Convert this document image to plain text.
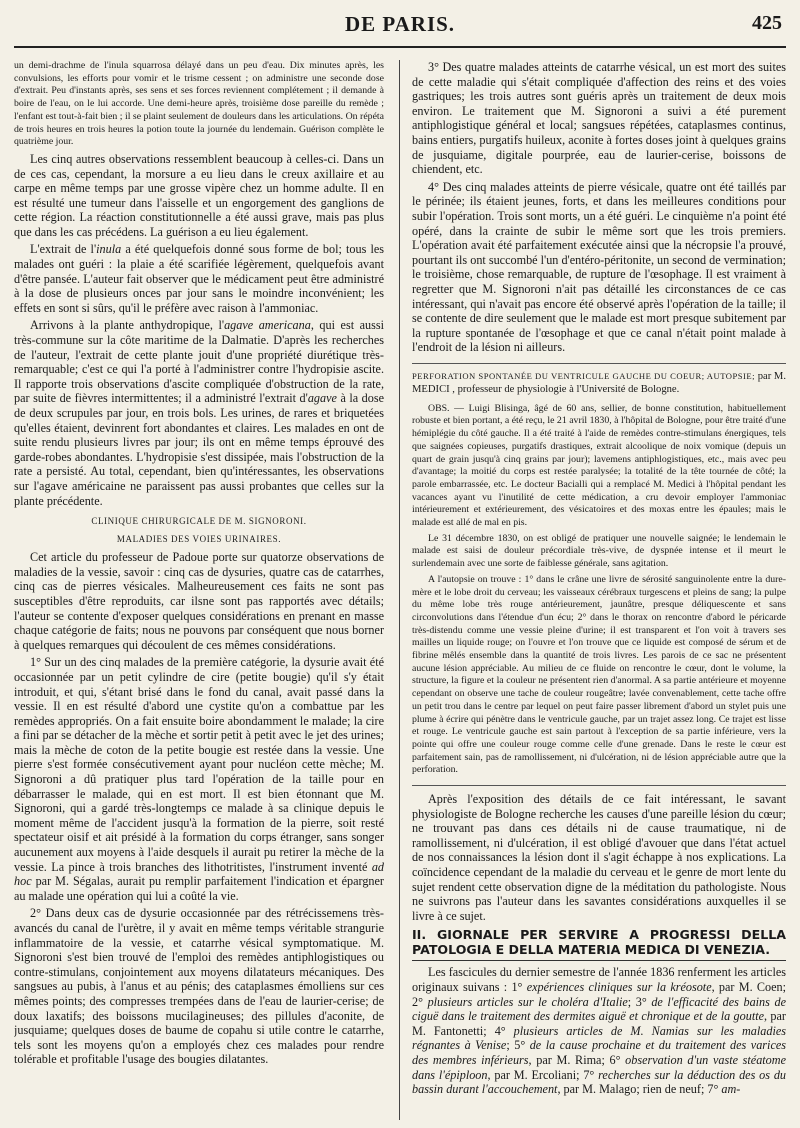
DE PARIS.	425

un demi-drachme de l'inula squarrosa délayé dans un peu d'eau. Dix minutes après, les convulsions, les efforts pour vomir et le trisme cessent ; on administre une seconde dose d'extrait. Peu d'instants après, ses sens et ses forces reviennent complétement ; il demande à boire de l'eau, on le lui accorde. Une demi-heure après, troisième dose pareille du remède ; l'enfant est tout-à-fait bien ; il se plaint seulement de douleurs dans les articulations. On répéta de trois heures en trois heures la potion toute la journée du lendemain. Guérison complète le quatrième jour.

Les cinq autres observations ressemblent beaucoup à celles-ci. Dans un de ces cas, cependant, la morsure a eu lieu dans le creux axillaire et au carpe en même temps par une grosse vipère chez un homme adulte. Il en est résulté une tumeur dans l'aisselle et un engorgement des ganglions de cette région. La réaction constitutionnelle a été aussi grave, mais pas plus que dans les cas précédens. La guérison a eu lieu également.

L'extrait de l'inula a été quelquefois donné sous forme de bol; tous les malades ont guéri : la plaie a été scarifiée légèrement, quelquefois avant d'être pansée. L'auteur fait observer que le médicament peut être administré à la dose de plusieurs onces par jour sans le moindre inconvénient; les effets en sont si sûrs, qu'il le préfère avec raison à l'ammoniac.

Arrivons à la plante anthydropique, l'agave americana, qui est aussi très-commune sur la côte maritime de la Dalmatie. D'après les recherches de l'auteur, l'extrait de cette plante jouit d'une propriété diurétique très-remarquable; c'est ce qui l'a porté à l'administrer contre l'hydropisie ascite. Il rapporte trois observations d'ascite compliquée d'obstruction de la rate, par suite de fièvres intermittentes; il a administré l'extrait d'agave à la dose de deux scrupules par jour, en trois bols. Les urines, de rares et briquetées qu'elles étaient, devinrent fort abondantes et claires. Les malades en ont de suite rendu plusieurs livres par jour; ils ont en même temps éprouvé des garde-robes abondantes. L'hydropisie s'est dissipée, mais l'obstruction de la rate a persisté. Au total, cependant, bien qu'intéressantes, les observations sur l'agave américaine ne paraissent pas aussi probantes que celles sur la plante précédente.

CLINIQUE CHIRURGICALE DE M. SIGNORONI.

MALADIES DES VOIES URINAIRES.

Cet article du professeur de Padoue porte sur quatorze observations de maladies de la vessie, savoir : cinq cas de dysuries, quatre cas de catarrhes, cinq cas de pierres vésicales. Malheureusement ces faits ne sont pas susceptibles d'être reproduits, car ilsne sont pas rapportés avec détails; l'auteur se contente d'exposer quelques considérations en prenant en masse chaque catégorie de faits; nous ne pouvons par conséquent que nous borner à quelques remarques qui découlent de ces mêmes considérations.

1° Sur un des cinq malades de la première catégorie, la dysurie avait été occasionnée par un petit cylindre de cire (petite bougie) qu'il s'y était introduit, et qui, s'étant brisé dans le fond du canal, avait passé dans la vessie. Il en est résulté d'abord une cystite qu'on a combattue par les remèdes appropriés. On a fait ensuite boire abondamment le malade; la cire a fini par se détacher de la mèche et sortir petit à petit avec le jet des urines; mais la mèche de coton de la petite bougie est restée dans la vessie. Une pierre s'est formée consécutivement ayant pour nucléon cette mèche; M. Signoroni a dû pratiquer plus tard l'opération de la taille pour en débarrasser le malade, qui en est mort. Il est bien étonnant que M. Signoroni, qui a gardé très-longtemps ce malade à sa clinique depuis le moment même de l'accident jusqu'à la formation de la pierre, soit resté spectateur oisif et ait présidé à la formation du corps étranger, sans songer aucunement aux moyens à l'aide desquels il aurait pu retirer la mèche de la vessie. La pince à trois branches des lithotritistes, l'instrument inventé ad hoc par M. Ségalas, aurait pu remplir parfaitement l'indication et épargner au malade une opération qui lui a coûté la vie.

2° Dans deux cas de dysurie occasionnée par des rétrécissemens très-avancés du canal de l'urètre, il y avait en même temps véritable strangurie inflammatoire de la vessie, et catarrhe vésical symptomatique. M. Signoroni s'est bien trouvé de l'emploi des remèdes antiphlogistiques ou contre-stimulans, conjointement aux moyens dilatateurs mécaniques. Des sangsues au pubis, à l'anus et au pénis; des cataplasmes émolliens sur ces mêmes points; des compresses trempées dans de l'eau de laurier-cerise; de doux laxatifs; des boissons mucilagineuses; des pillules d'aconite, de jusquiame; quelques doses de baume de copahu si utile contre le catarrhe, tels sont les moyens qu'on a employés chez ces malades pour rendre tolérable et profitable l'usage des bougies dilatantes.

3° Des quatre malades atteints de catarrhe vésical, un est mort des suites de cette maladie qui s'était compliquée d'affection des reins et des voies gastriques; les trois autres sont guéris après un traitement de deux mois environ. Le traitement que M. Signoroni a suivi a été purement antiphlogistique général et local; sangsues répétées, cataplasmes continus, bains entiers, purgatifs huileux, aconite à fortes doses joint à quelques grains de jusquiame, digitale pourprée, eau de laurier-cerise, boissons de chiendent, etc.

4° Des cinq malades atteints de pierre vésicale, quatre ont été taillés par le périnée; ils étaient jeunes, forts, et dans les meilleures conditions pour subir l'opération. Trois sont morts, un a été guéri. Le cinquième n'a point été opéré, dans la crainte de subir le même sort que les trois premiers. L'opération avait été parfaitement exécutée ainsi que la nécropsie l'a prouvé, pourtant ils ont succombé l'un d'entéro-péritonite, un second de vermination; le troisième, chose remarquable, de rupture de l'œsophage. Il est vraiment à regretter que M. Signoroni n'ait pas détaillé les circonstances de ce cas intéressant, qui n'avait pas encore été observé après l'opération de la taille; il se contente de dire seulement que le malade est mort presque subitement par la rupture spontanée de l'œsophage et que ce canal n'était point malade à l'endroit de la lésion ni ailleurs.

PERFORATION SPONTANÉE DU VENTRICULE GAUCHE DU COEUR; AUTOPSIE; par M. MEDICI , professeur de physiologie à l'Université de Bologne.

OBS. — Luigi Blisinga, âgé de 60 ans, sellier, de bonne constitution, habituellement robuste et bien portant, a été reçu, le 21 avril 1830, à l'hôpital de Bologne, pour être traité d'une hémiplégie du côté gauche. Il a été traité à l'aide de remèdes contre-stimulans énergiques, tels que saignées copieuses, purgatifs drastiques, extrait alcoolique de noix vomique (depuis un quart de grain jusqu'à cinq grains par jour); lavemens antiphlogistiques, etc., mais avec peu d'avantage; la moitié du corps est restée paralysée; la totalité de la tête tournée de côté; la parole embarrassée, etc. Le docteur Bacialli qui a remplacé M. Medici à l'hôpital pendant les vacances ayant vu l'inutilité de cette médication, a cru devoir employer l'ammoniac intérieurement et extérieurement, des vésicatoires et des moxas entre les épaules; mais le malade est allé de mal en pis.

Le 31 décembre 1830, on est obligé de pratiquer une nouvelle saignée; le lendemain le malade est saisi de douleur précordiale très-vive, de dyspnée intense et il meurt le surlendemain avec une sorte de faiblesse générale, sans agitation.

A l'autopsie on trouve : 1° dans le crâne une livre de sérosité sanguinolente entre la dure-mère et le lobe droit du cerveau; les vaisseaux cérébraux turgescens et pleins de sang; la pulpe du même lobe très rouge antérieurement, jaunâtre, presque déliquescente et sans circonvolutions dans l'étendue d'un écu; 2° dans le thorax on rencontre d'abord le péricarde très-distendu comme une vessie pleine d'urine; il est transparent et l'on voit à travers ses mailles un liquide rouge; on l'ouvre et l'on trouve que ce liquide est composé de sérum et de fibrine mêlés ensemble dans la quantité de trois livres. Les parois de ce sac ne présentent aucune lésion appréciable. Au milieu de ce fluide on rencontre le cœur, dont le volume, la structure, la figure et la couleur ne présentent rien d'anormal. A sa partie antérieure et moyenne cependant on observe une tache de couleur rougeâtre; lavée convenablement, cette tache offre un petit trou dans le centre par lequel on peut faire passer librement d'abord un stylet puis une plume à écrire qui pénètre dans le ventricule gauche, par un trajet assez long. Ce trajet est lisse et rouge. Le ventricule gauche est sain partout à l'exception de sa partie inférieure, vers la pointe qui offre une couleur rouge comme celle d'une grenade. Dans le reste le cœur est parfaitement sain, pas de ramollissement, ni d'ulcération, ni de lésion appréciable autre que la perforation.

Après l'exposition des détails de ce fait intéressant, le savant physiologiste de Bologne recherche les causes d'une pareille lésion du cœur; ne trouvant pas dans ces détails ni de cause traumatique, ni de ramollissement, ni d'ulcération, il est obligé d'avouer que dans l'état actuel de nos connaissances la lésion dont il s'agit échappe à nos explications. La coïncidence cependant de la maladie du cerveau et le genre de mort lente du sujet rendent cette observation digne de la méditation du pathologiste. Nous ne suivrons pas l'auteur dans les savantes considérations auxquelles il se livre à ce sujet.

II. GIORNALE PER SERVIRE A PROGRESSI DELLA PATOLOGIA E DELLA MATERIA MEDICA DI VENEZIA.

Les fascicules du dernier semestre de l'année 1836 renferment les articles originaux suivans : 1° expériences cliniques sur la kréosote, par M. Coen; 2° plusieurs articles sur le choléra d'Italie; 3° de l'efficacité des bains de ciguë dans le traitement des dermites aiguë et chronique et de la goutte, par M. Fantonetti; 4° plusieurs articles de M. Namias sur les maladies régnantes à Venise; 5° de la cause prochaine et du traitement des varices des membres inférieurs, par M. Rima; 6° observation d'un vaste stéatome dans l'épiploon, par M. Ercoliani; 7° recherches sur la déduction des os du bassin durant l'accouchement, par M. Malago; rien de neuf; 7° am-
